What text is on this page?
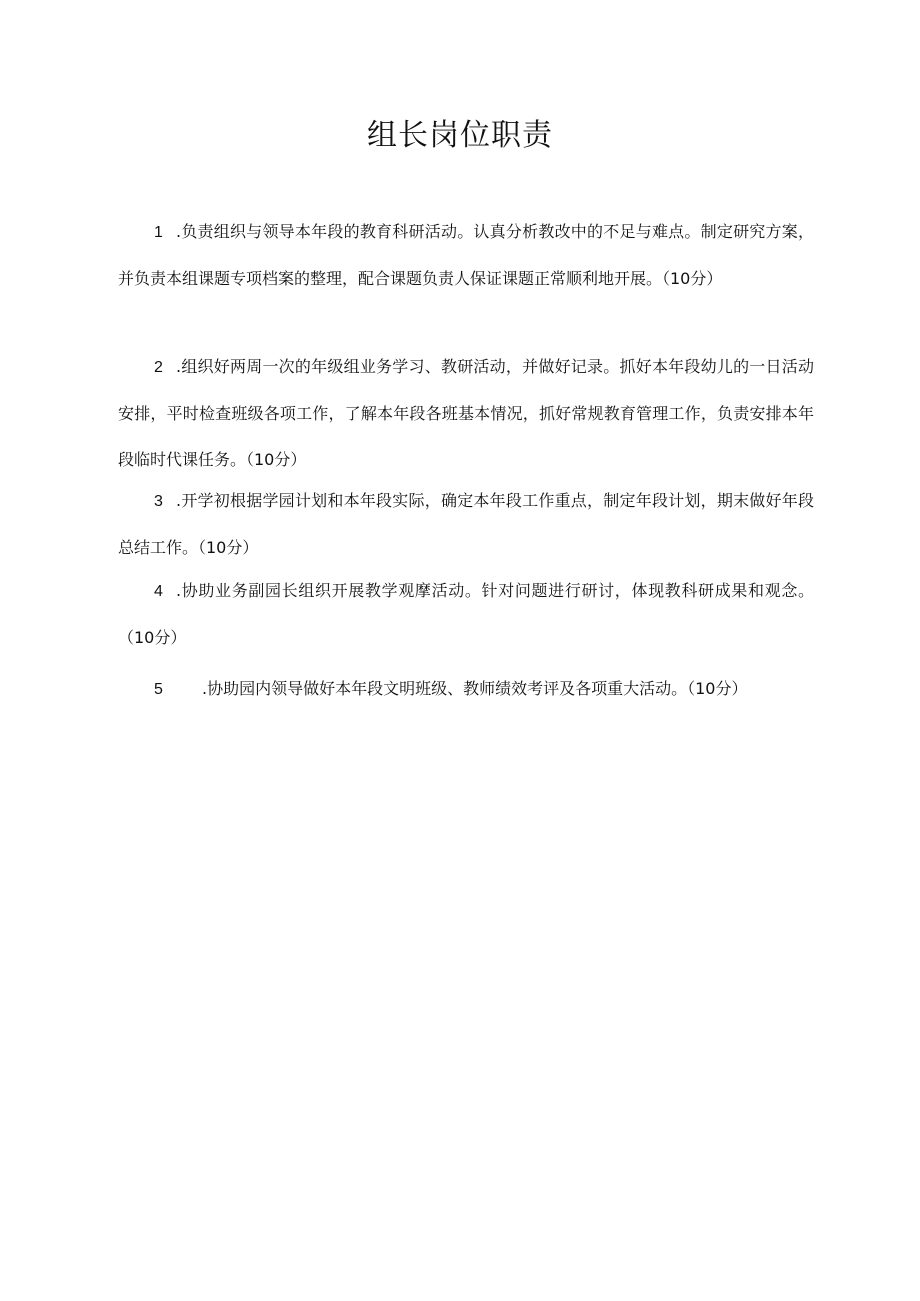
组长岗位职责

1 .负责组织与领导本年段的教育科研活动。认真分析教改中的不足与难点。制定研究方案，并负责本组课题专项档案的整理，配合课题负责人保证课题正常顺利地开展。（10分）

2 .组织好两周一次的年级组业务学习、教研活动，并做好记录。抓好本年段幼儿的一日活动安排，平时检查班级各项工作，了解本年段各班基本情况，抓好常规教育管理工作，负责安排本年段临时代课任务。（10分）

3 .开学初根据学园计划和本年段实际，确定本年段工作重点，制定年段计划，期末做好年段总结工作。（10分）

4 .协助业务副园长组织开展教学观摩活动。针对问题进行研讨，体现教科研成果和观念。（10分）

5 .协助园内领导做好本年段文明班级、教师绩效考评及各项重大活动。（10分）
